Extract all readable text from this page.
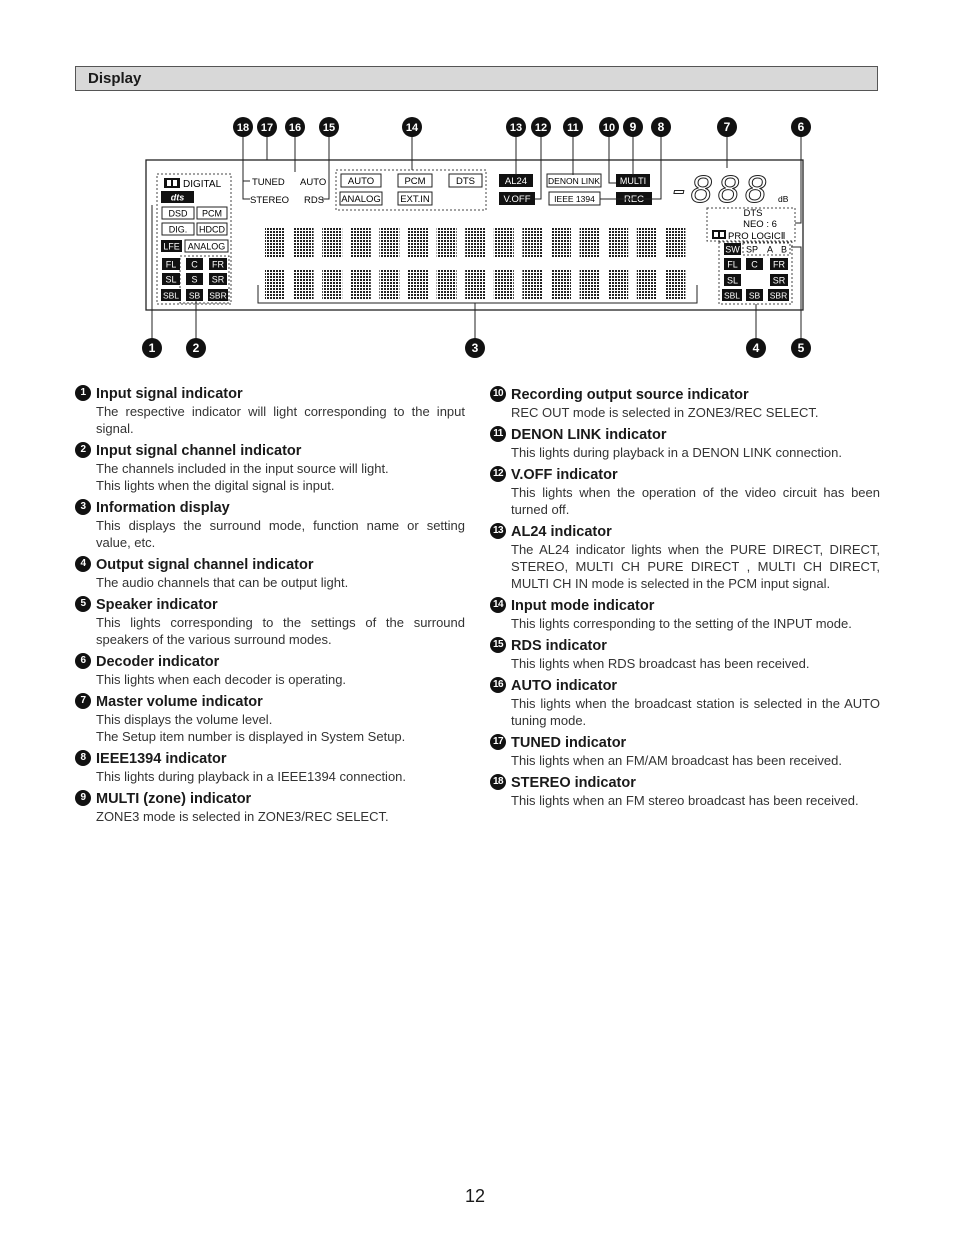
Display
DIGITAL
dts
DSD PCM
DIG. HDCD
LFE ANALOG
FL C FR
SL S SR
SBL SB SBR
TUNED
STEREO
AUTO
RDS
AUTO	PCM	DTS
ANALOG EXT.IN
AL24
V.OFF
DENON LINK
IEEE 1394
MULTI
REC -888 dB
DTS
NEO : 6
PRO LOGICⅡ
SW SP A B
FL C FR
SL	SR
SBL SB SBR
18 17 16 15	14	13 12 11 10 9 8	7	6
1	2	3	4	5
1 Input signal indicator

The respective indicator will light corresponding to the input signal.

2 Input signal channel indicator

The channels included in the input source will light.

This lights when the digital signal is input.

3 Information display

This displays the surround mode, function name or setting value, etc.

4 Output signal channel indicator

The audio channels that can be output light.

5 Speaker indicator

This lights corresponding to the settings of the surround speakers of the various surround modes.

6 Decoder indicator

This lights when each decoder is operating.

7 Master volume indicator

This displays the volume level.

The Setup item number is displayed in System Setup.

8 IEEE1394 indicator

This lights during playback in a IEEE1394 connection.

9 MULTI (zone) indicator

ZONE3 mode is selected in ZONE3/REC SELECT.

10 Recording output source indicator

REC OUT mode is selected in ZONE3/REC SELECT.

11 DENON LINK indicator

This lights during playback in a DENON LINK connection.

12 V.OFF indicator

This lights when the operation of the video circuit has been turned off.

13 AL24 indicator

The AL24 indicator lights when the PURE DIRECT, DIRECT, STEREO, MULTI CH PURE DIRECT , MULTI CH DIRECT, MULTI CH IN mode is selected in the PCM input signal.

14 Input mode indicator

This lights corresponding to the setting of the INPUT mode.

15 RDS indicator

This lights when RDS broadcast has been received.

16 AUTO indicator

This lights when the broadcast station is selected in the AUTO tuning mode.

17 TUNED indicator

This lights when an FM/AM broadcast has been received.

18 STEREO indicator

This lights when an FM stereo broadcast has been received.

12
